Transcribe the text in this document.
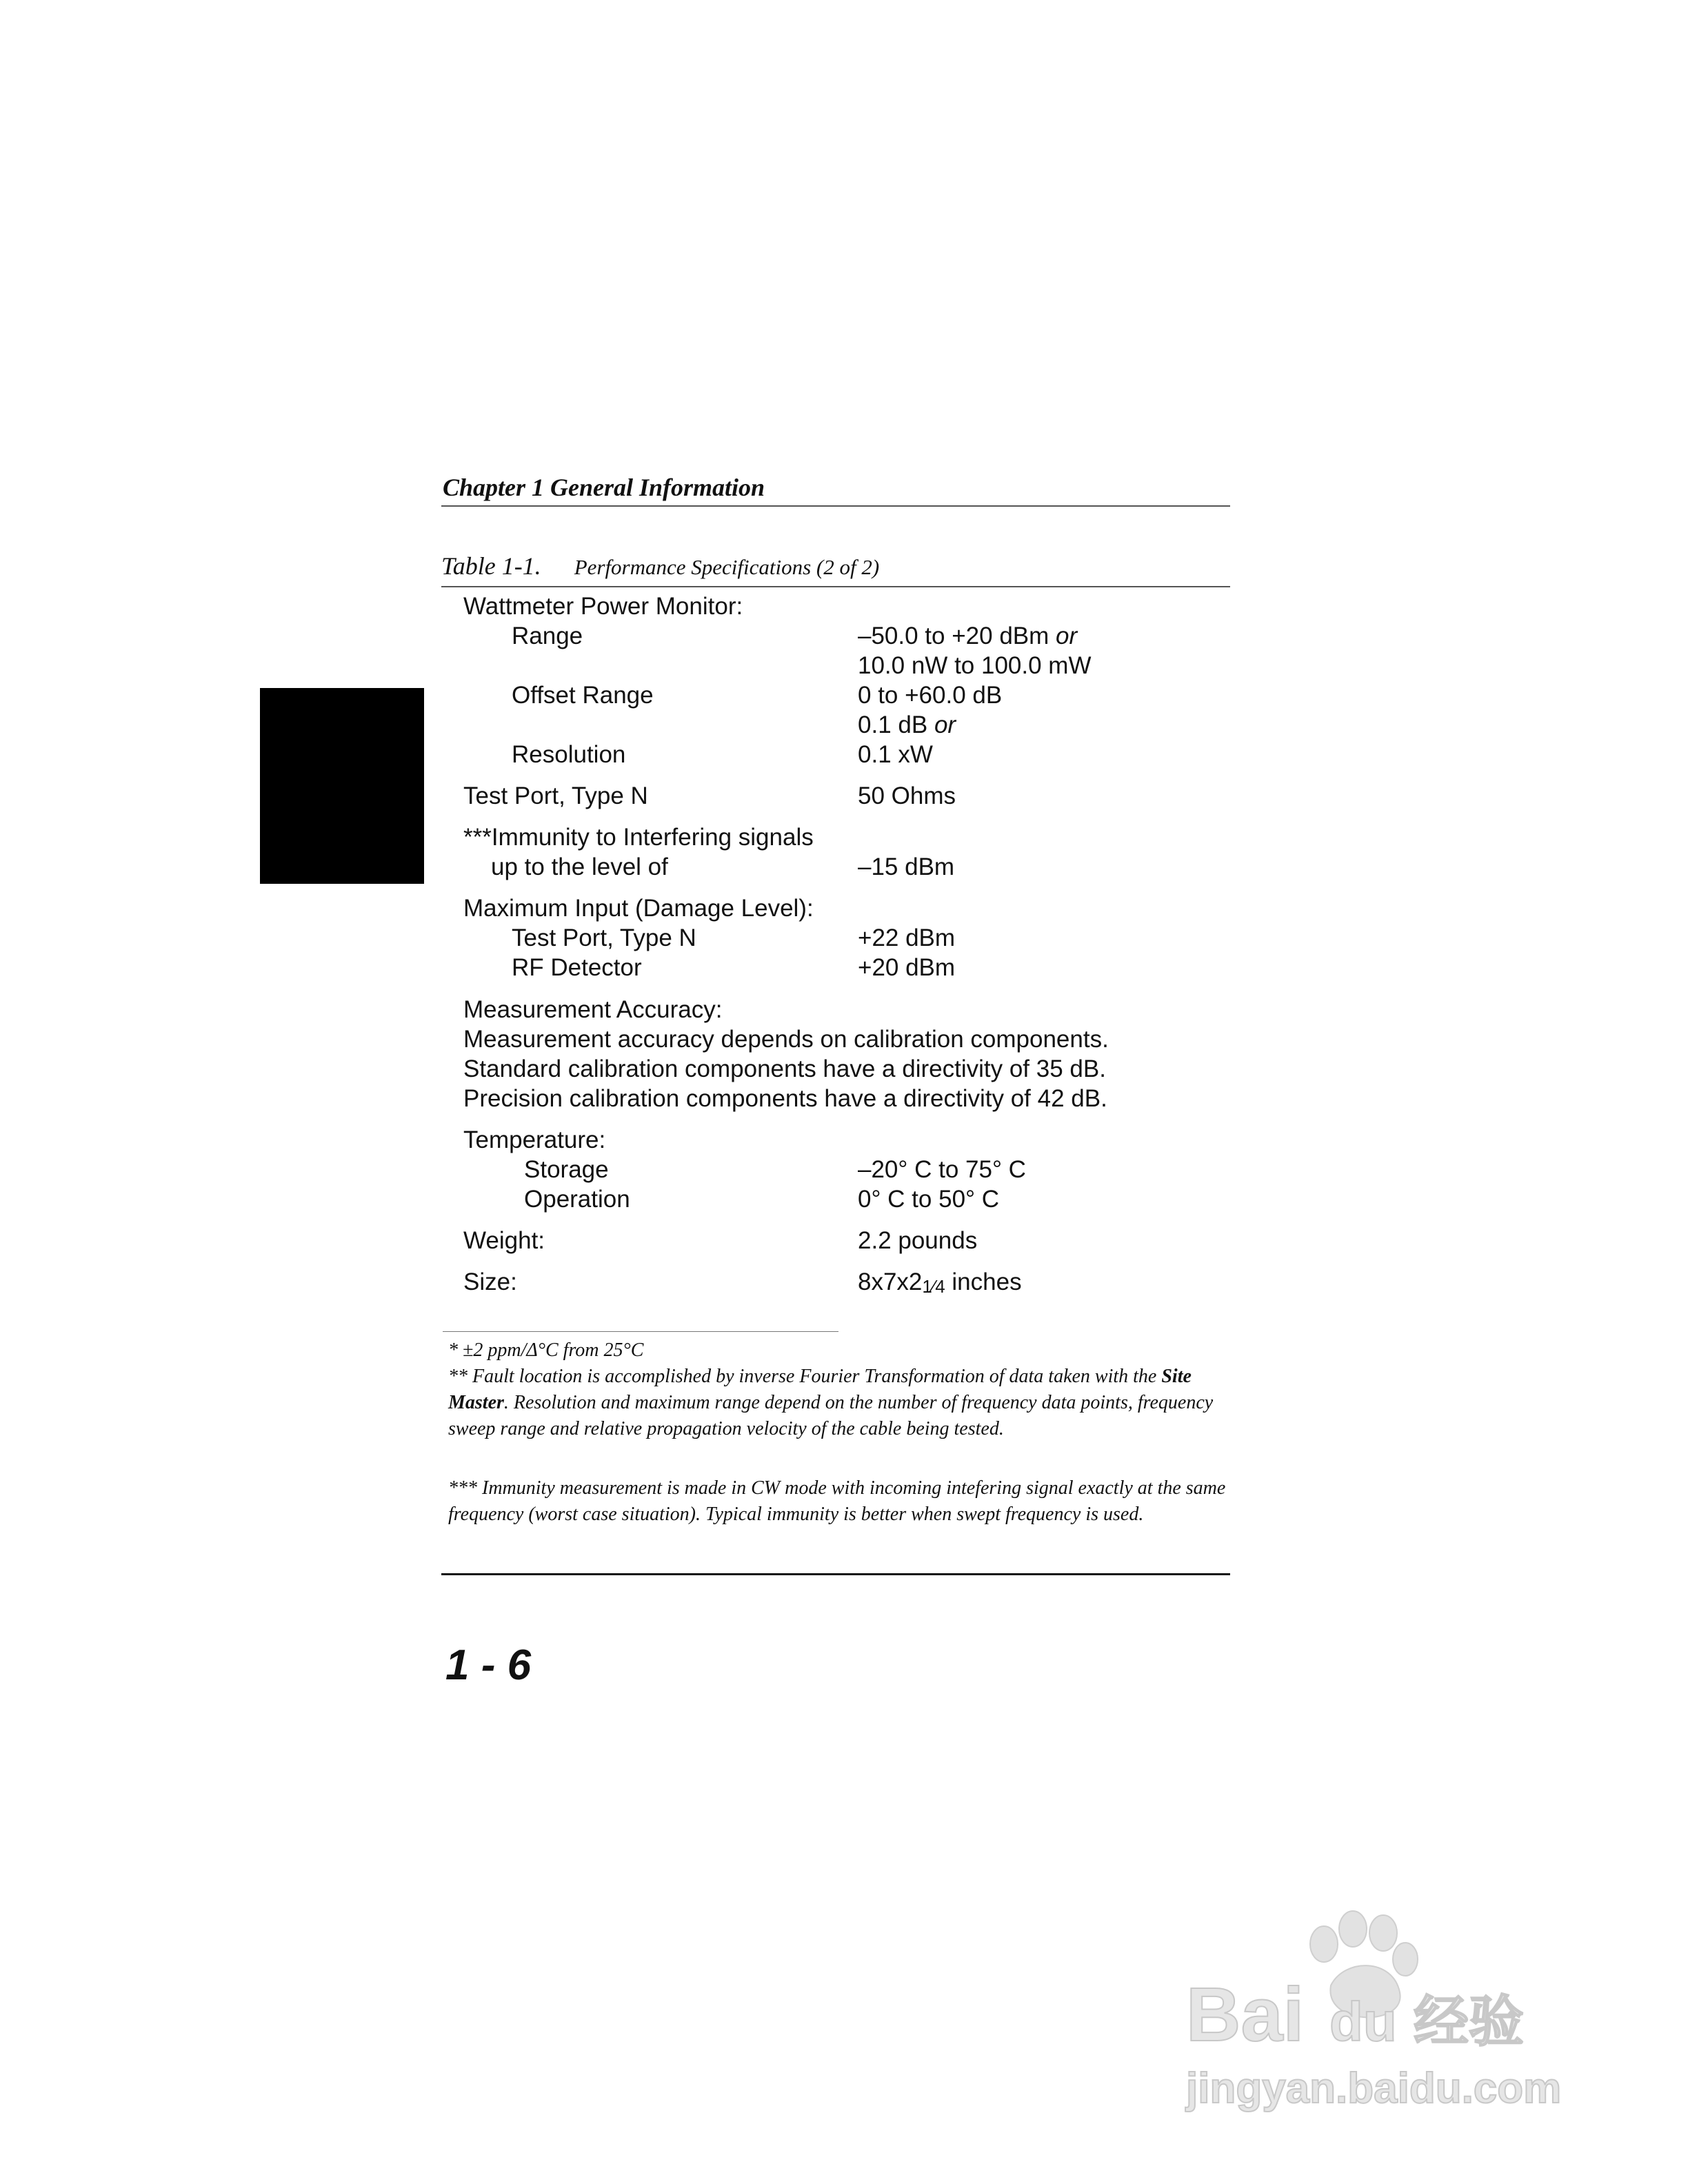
Chapter 1 General Information
Table 1-1. Performance Specifications (2 of 2)
Wattmeter Power Monitor:
Range	–50.0 to +20 dBm or
10.0 nW to 100.0 mW
Offset Range	0 to +60.0 dB
0.1 dB or
Resolution	0.1 xW
Test Port, Type N	50 Ohms
***Immunity to Interfering signals
up to the level of	–15 dBm
Maximum Input (Damage Level):
Test Port, Type N	+22 dBm
RF Detector	+20 dBm
Measurement Accuracy:
Measurement accuracy depends on calibration components. Standard calibration components have a directivity of 35 dB. Precision calibration components have a directivity of 42 dB.
Temperature:
Storage	–20° C to 75° C
Operation	0° C to 50° C
Weight:	2.2 pounds
Size:	8x7x21⁄4 inches
* ±2 ppm/Δ°C from 25°C
** Fault location is accomplished by inverse Fourier Transformation of data taken with the Site Master. Resolution and maximum range depend on the number of frequency data points, frequency sweep range and relative propagation velocity of the cable being tested.
*** Immunity measurement is made in CW mode with incoming intefering signal exactly at the same frequency (worst case situation). Typical immunity is better when swept frequency is used.
1 - 6
Bai du 经验
jingyan.baidu.com
